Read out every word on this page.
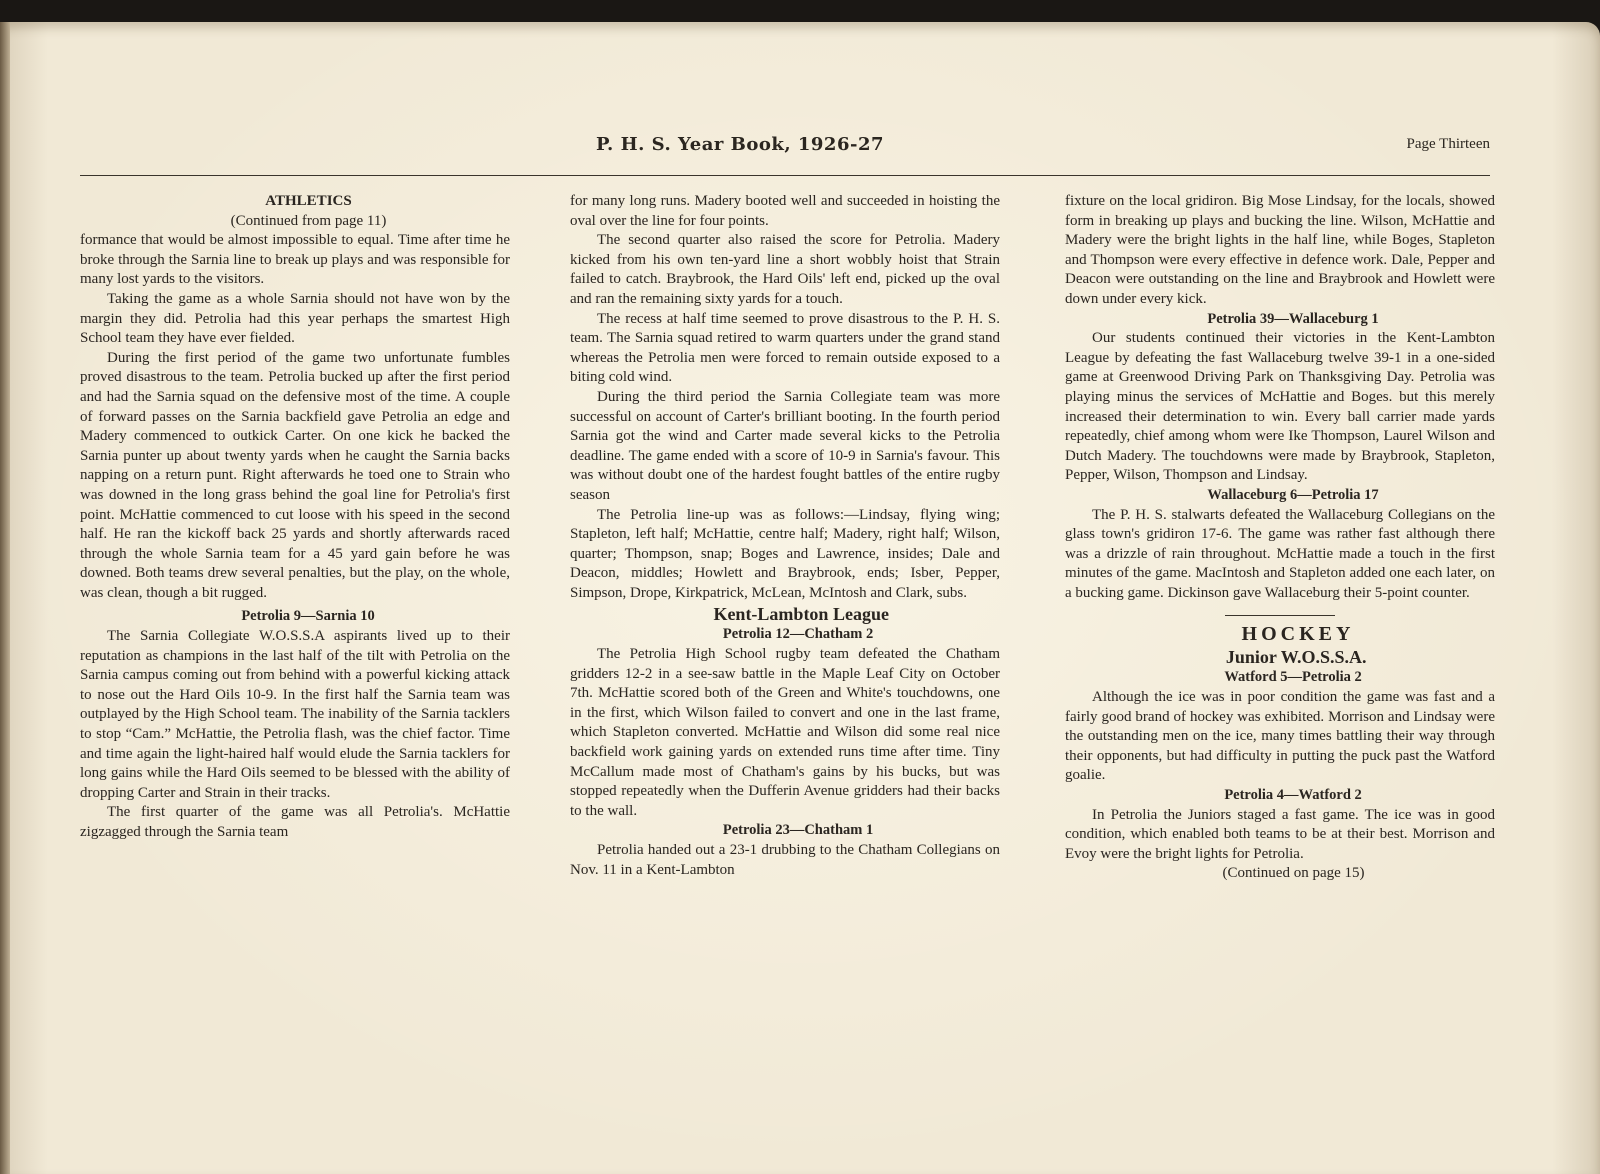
P. H. S. Year Book, 1926-27	Page Thirteen

ATHLETICS

(Continued from page 11)

formance that would be almost impossible to equal. Time after time he broke through the Sarnia line to break up plays and was responsible for many lost yards to the visitors.

Taking the game as a whole Sarnia should not have won by the margin they did. Petrolia had this year perhaps the smartest High School team they have ever fielded.

During the first period of the game two unfortunate fumbles proved disastrous to the team. Petrolia bucked up after the first period and had the Sarnia squad on the defensive most of the time. A couple of forward passes on the Sarnia backfield gave Petrolia an edge and Madery commenced to outkick Carter. On one kick he backed the Sarnia punter up about twenty yards when he caught the Sarnia backs napping on a return punt. Right afterwards he toed one to Strain who was downed in the long grass behind the goal line for Petrolia's first point. McHattie commenced to cut loose with his speed in the second half. He ran the kickoff back 25 yards and shortly afterwards raced through the whole Sarnia team for a 45 yard gain before he was downed. Both teams drew several penalties, but the play, on the whole, was clean, though a bit rugged.

Petrolia 9—Sarnia 10

The Sarnia Collegiate W.O.S.S.A aspirants lived up to their reputation as champions in the last half of the tilt with Petrolia on the Sarnia campus coming out from behind with a powerful kicking attack to nose out the Hard Oils 10-9. In the first half the Sarnia team was outplayed by the High School team. The inability of the Sarnia tacklers to stop “Cam.” McHattie, the Petrolia flash, was the chief factor. Time and time again the light-haired half would elude the Sarnia tacklers for long gains while the Hard Oils seemed to be blessed with the ability of dropping Carter and Strain in their tracks.

The first quarter of the game was all Petrolia's. McHattie zigzagged through the Sarnia team

for many long runs. Madery booted well and succeeded in hoisting the oval over the line for four points.

The second quarter also raised the score for Petrolia. Madery kicked from his own ten-yard line a short wobbly hoist that Strain failed to catch. Braybrook, the Hard Oils' left end, picked up the oval and ran the remaining sixty yards for a touch.

The recess at half time seemed to prove disastrous to the P. H. S. team. The Sarnia squad retired to warm quarters under the grand stand whereas the Petrolia men were forced to remain outside exposed to a biting cold wind.

During the third period the Sarnia Collegiate team was more successful on account of Carter's brilliant booting. In the fourth period Sarnia got the wind and Carter made several kicks to the Petrolia deadline. The game ended with a score of 10-9 in Sarnia's favour. This was without doubt one of the hardest fought battles of the entire rugby season

The Petrolia line-up was as follows:—Lindsay, flying wing; Stapleton, left half; McHattie, centre half; Madery, right half; Wilson, quarter; Thompson, snap; Boges and Lawrence, insides; Dale and Deacon, middles; Howlett and Braybrook, ends; Isber, Pepper, Simpson, Drope, Kirkpatrick, McLean, McIntosh and Clark, subs.

Kent-Lambton League

Petrolia 12—Chatham 2

The Petrolia High School rugby team defeated the Chatham gridders 12-2 in a see-saw battle in the Maple Leaf City on October 7th. McHattie scored both of the Green and White's touchdowns, one in the first, which Wilson failed to convert and one in the last frame, which Stapleton converted. McHattie and Wilson did some real nice backfield work gaining yards on extended runs time after time. Tiny McCallum made most of Chatham's gains by his bucks, but was stopped repeatedly when the Dufferin Avenue gridders had their backs to the wall.

Petrolia 23—Chatham 1

Petrolia handed out a 23-1 drubbing to the Chatham Collegians on Nov. 11 in a Kent-Lambton

fixture on the local gridiron. Big Mose Lindsay, for the locals, showed form in breaking up plays and bucking the line. Wilson, McHattie and Madery were the bright lights in the half line, while Boges, Stapleton and Thompson were every effective in defence work. Dale, Pepper and Deacon were outstanding on the line and Braybrook and Howlett were down under every kick.

Petrolia 39—Wallaceburg 1

Our students continued their victories in the Kent-Lambton League by defeating the fast Wallaceburg twelve 39-1 in a one-sided game at Greenwood Driving Park on Thanksgiving Day. Petrolia was playing minus the services of McHattie and Boges. but this merely increased their determination to win. Every ball carrier made yards repeatedly, chief among whom were Ike Thompson, Laurel Wilson and Dutch Madery. The touchdowns were made by Braybrook, Stapleton, Pepper, Wilson, Thompson and Lindsay.

Wallaceburg 6—Petrolia 17

The P. H. S. stalwarts defeated the Wallaceburg Collegians on the glass town's gridiron 17-6. The game was rather fast although there was a drizzle of rain throughout. McHattie made a touch in the first minutes of the game. MacIntosh and Stapleton added one each later, on a bucking game. Dickinson gave Wallaceburg their 5-point counter.

HOCKEY

Junior W.O.S.S.A.

Watford 5—Petrolia 2

Although the ice was in poor condition the game was fast and a fairly good brand of hockey was exhibited. Morrison and Lindsay were the outstanding men on the ice, many times battling their way through their opponents, but had difficulty in putting the puck past the Watford goalie.

Petrolia 4—Watford 2

In Petrolia the Juniors staged a fast game. The ice was in good condition, which enabled both teams to be at their best. Morrison and Evoy were the bright lights for Petrolia.

(Continued on page 15)
